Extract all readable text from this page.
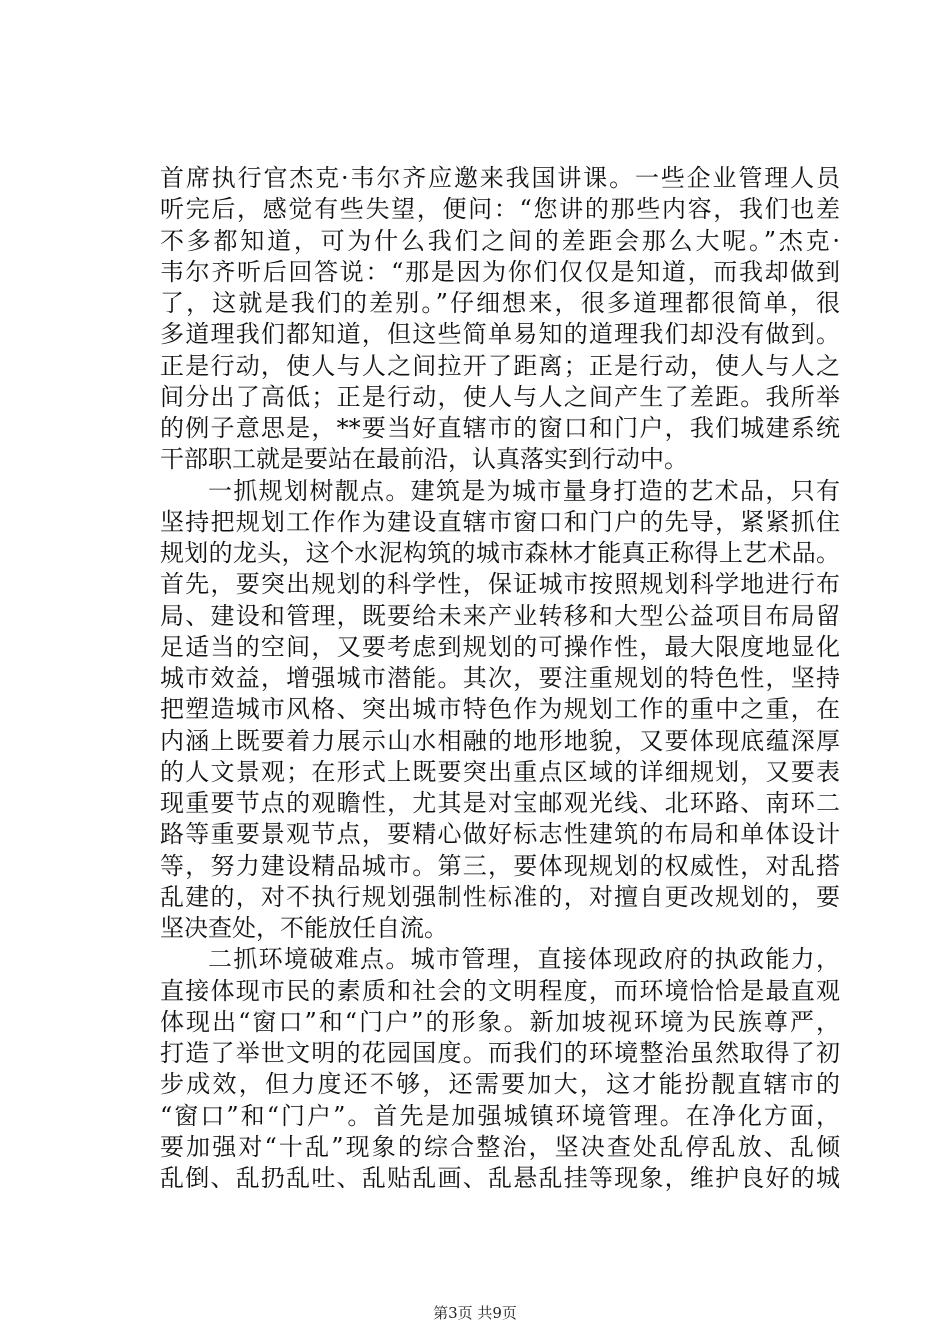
首席执行官杰克·韦尔齐应邀来我国讲课。一些企业管理人员
听完后，感觉有些失望，便问：“您讲的那些内容，我们也差
不多都知道，可为什么我们之间的差距会那么大呢。”杰克·
韦尔齐听后回答说：“那是因为你们仅仅是知道，而我却做到
了，这就是我们的差别。”仔细想来，很多道理都很简单，很
多道理我们都知道，但这些简单易知的道理我们却没有做到。
正是行动，使人与人之间拉开了距离；正是行动，使人与人之
间分出了高低；正是行动，使人与人之间产生了差距。我所举
的例子意思是，**要当好直辖市的窗口和门户，我们城建系统
干部职工就是要站在最前沿，认真落实到行动中。
一抓规划树靓点。建筑是为城市量身打造的艺术品，只有
坚持把规划工作作为建设直辖市窗口和门户的先导，紧紧抓住
规划的龙头，这个水泥构筑的城市森林才能真正称得上艺术品。
首先，要突出规划的科学性，保证城市按照规划科学地进行布
局、建设和管理，既要给未来产业转移和大型公益项目布局留
足适当的空间，又要考虑到规划的可操作性，最大限度地显化
城市效益，增强城市潜能。其次，要注重规划的特色性，坚持
把塑造城市风格、突出城市特色作为规划工作的重中之重，在
内涵上既要着力展示山水相融的地形地貌，又要体现底蕴深厚
的人文景观；在形式上既要突出重点区域的详细规划，又要表
现重要节点的观瞻性，尤其是对宝邮观光线、北环路、南环二
路等重要景观节点，要精心做好标志性建筑的布局和单体设计
等，努力建设精品城市。第三，要体现规划的权威性，对乱搭
乱建的，对不执行规划强制性标准的，对擅自更改规划的，要
坚决查处，不能放任自流。
二抓环境破难点。城市管理，直接体现政府的执政能力，
直接体现市民的素质和社会的文明程度，而环境恰恰是最直观
体现出“窗口”和“门户”的形象。新加坡视环境为民族尊严，
打造了举世文明的花园国度。而我们的环境整治虽然取得了初
步成效，但力度还不够，还需要加大，这才能扮靓直辖市的
“窗口”和“门户”。首先是加强城镇环境管理。在净化方面，
要加强对“十乱”现象的综合整治，坚决查处乱停乱放、乱倾
乱倒、乱扔乱吐、乱贴乱画、乱悬乱挂等现象，维护良好的城
第3页 共9页
